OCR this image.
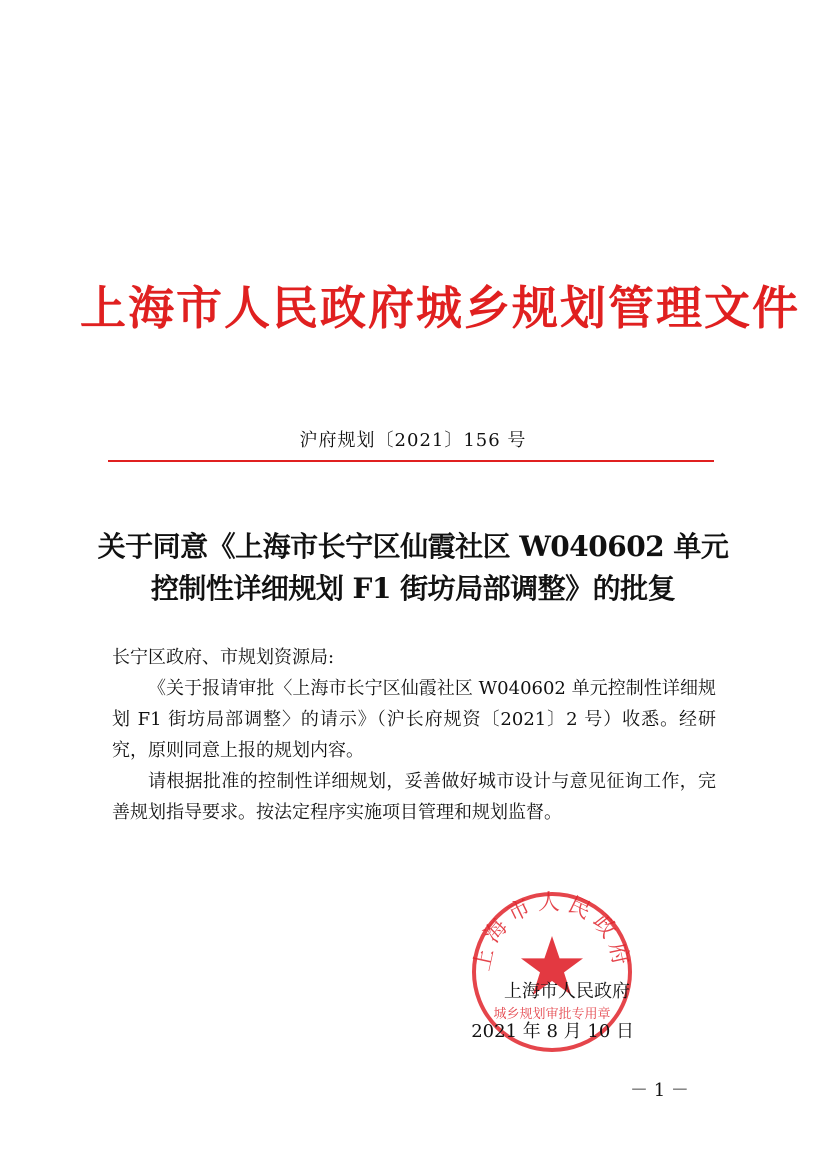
上海市人民政府城乡规划管理文件
沪府规划〔2021〕156 号
关于同意《上海市长宁区仙霞社区 W040602 单元
控制性详细规划 F1 街坊局部调整》的批复

长宁区政府、市规划资源局:

《关于报请审批〈上海市长宁区仙霞社区 W040602 单元控制性详细规划 F1 街坊局部调整〉的请示》（沪长府规资〔2021〕2 号）收悉。经研究，原则同意上报的规划内容。

请根据批准的控制性详细规划，妥善做好城市设计与意见征询工作，完善规划指导要求。按法定程序实施项目管理和规划监督。

上海市人民政府
城乡规划审批专用章
上海市人民政府
2021 年 8 月 10 日
－ 1 －
